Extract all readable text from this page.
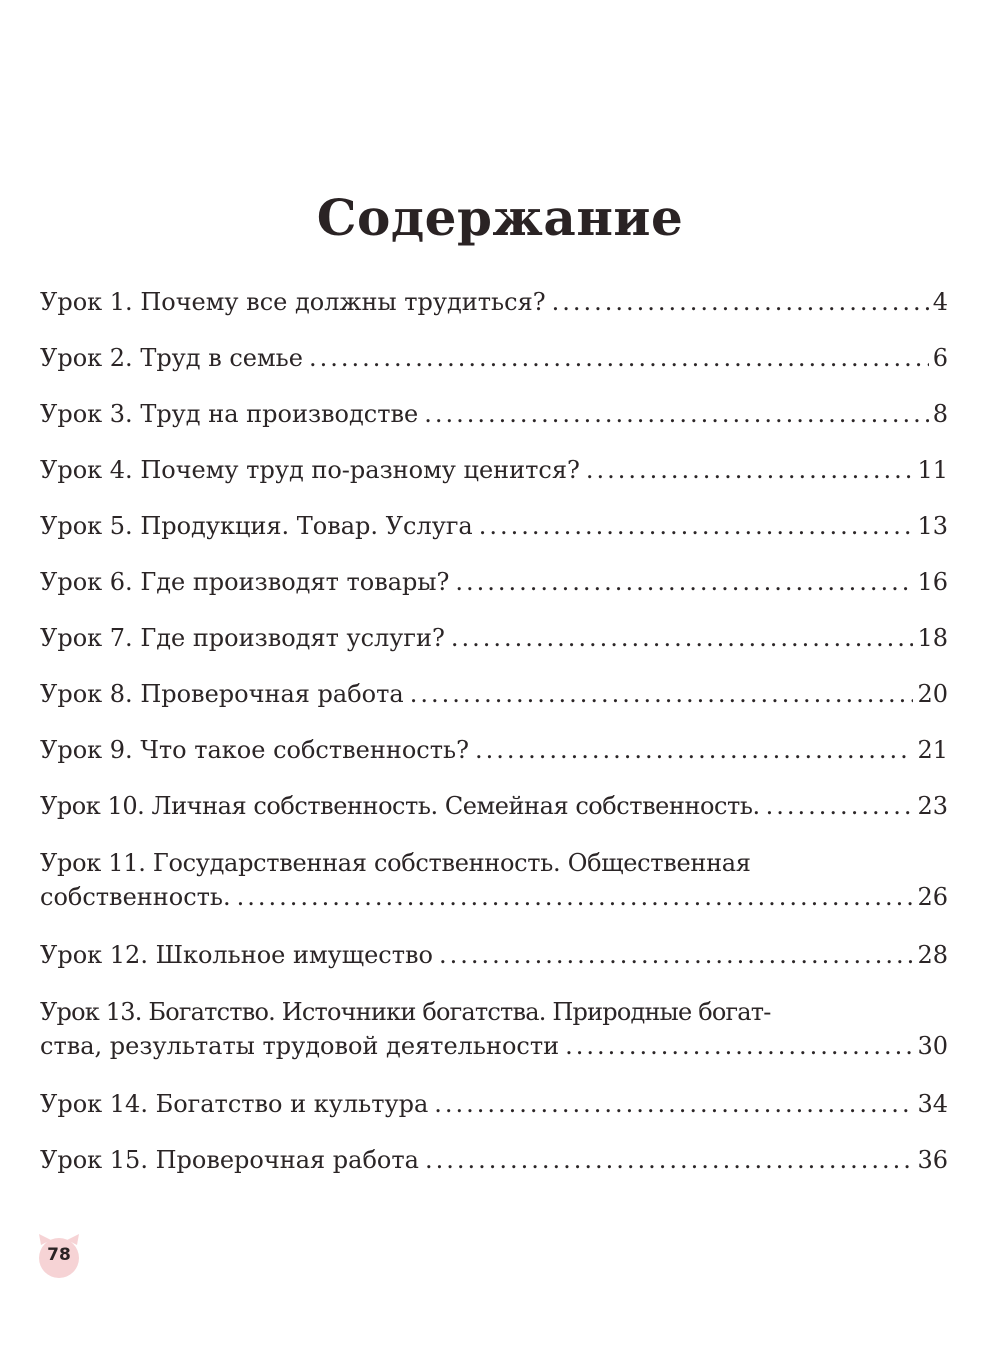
Содержание
Урок 1. Почему все должны трудиться? .....	4
Урок 2. Труд в семье .....	6
Урок 3. Труд на производстве .....	8
Урок 4. Почему труд по-разному ценится? .....	11
Урок 5. Продукция. Товар. Услуга .....	13
Урок 6. Где производят товары? .....	16
Урок 7. Где производят услуги? .....	18
Урок 8. Проверочная работа .....	20
Урок 9. Что такое собственность? .....	21
Урок 10. Личная собственность. Семейная собственность. .....	23
Урок 11. Государственная собственность. Общественная
собственность. .....	26
Урок 12. Школьное имущество .....	28
Урок 13. Богатство. Источники богатства. Природные богат-
ства, результаты трудовой деятельности .....	30
Урок 14. Богатство и культура .....	34
Урок 15. Проверочная работа .....	36
78
